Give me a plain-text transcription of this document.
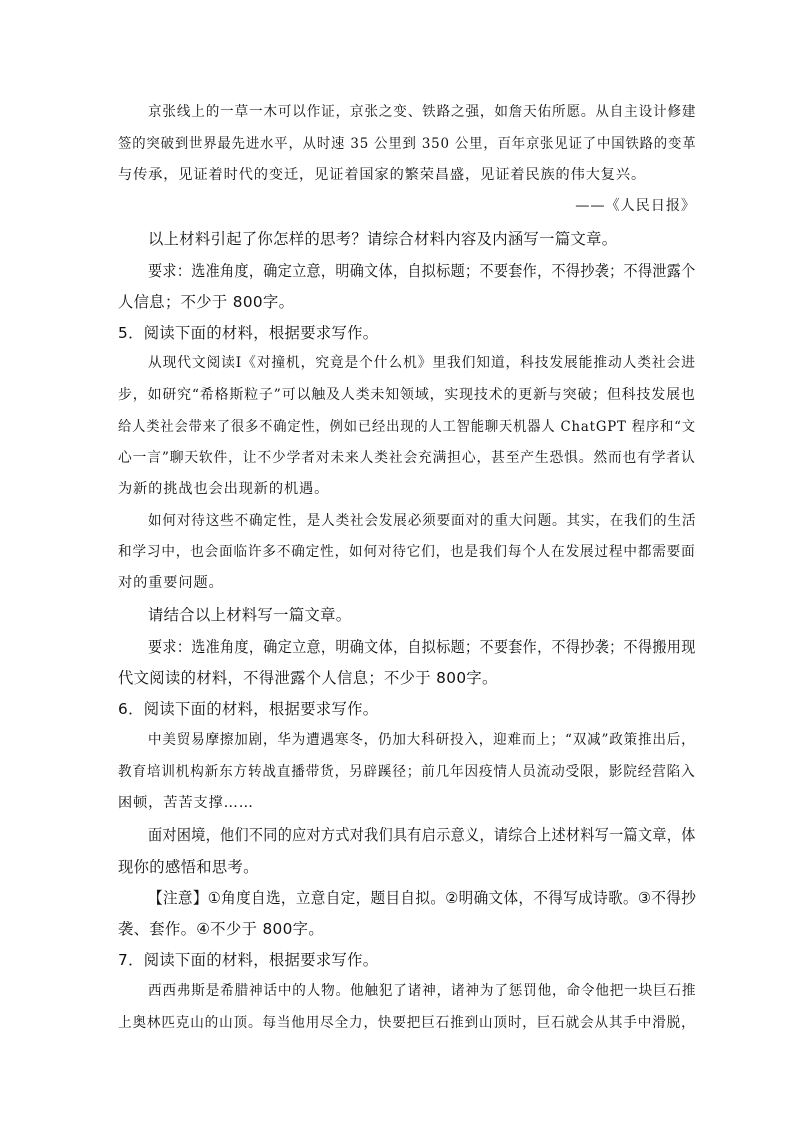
京张线上的一草一木可以作证，京张之变、铁路之强，如詹天佑所愿。从自主设计修建
签的突破到世界最先进水平，从时速 35 公里到 350 公里，百年京张见证了中国铁路的变革
与传承，见证着时代的变迁，见证着国家的繁荣昌盛，见证着民族的伟大复兴。
——《人民日报》
以上材料引起了你怎样的思考？请综合材料内容及内涵写一篇文章。
要求：选准角度，确定立意，明确文体，自拟标题；不要套作，不得抄袭；不得泄露个
人信息；不少于 800字。
5．阅读下面的材料，根据要求写作。
从现代文阅读Ⅰ《对撞机，究竟是个什么机》里我们知道，科技发展能推动人类社会进
步，如研究“希格斯粒子”可以触及人类未知领域，实现技术的更新与突破；但科技发展也
给人类社会带来了很多不确定性，例如已经出现的人工智能聊天机器人 ChatGPT 程序和“文
心一言”聊天软件，让不少学者对未来人类社会充满担心，甚至产生恐惧。然而也有学者认
为新的挑战也会出现新的机遇。
如何对待这些不确定性，是人类社会发展必须要面对的重大问题。其实，在我们的生活
和学习中，也会面临许多不确定性，如何对待它们，也是我们每个人在发展过程中都需要面
对的重要问题。
请结合以上材料写一篇文章。
要求：选准角度，确定立意，明确文体，自拟标题；不要套作，不得抄袭；不得搬用现
代文阅读的材料，不得泄露个人信息；不少于 800字。
6．阅读下面的材料，根据要求写作。
中美贸易摩擦加剧，华为遭遇寒冬，仍加大科研投入，迎难而上；“双减”政策推出后，
教育培训机构新东方转战直播带货，另辟蹊径；前几年因疫情人员流动受限，影院经营陷入
困顿，苦苦支撑……
面对困境，他们不同的应对方式对我们具有启示意义，请综合上述材料写一篇文章，体
现你的感悟和思考。
【注意】①角度自选，立意自定，题目自拟。②明确文体，不得写成诗歌。③不得抄
袭、套作。④不少于 800字。
7．阅读下面的材料，根据要求写作。
西西弗斯是希腊神话中的人物。他触犯了诸神，诸神为了惩罚他，命令他把一块巨石推
上奥林匹克山的山顶。每当他用尽全力，快要把巨石推到山顶时，巨石就会从其手中滑脱，
